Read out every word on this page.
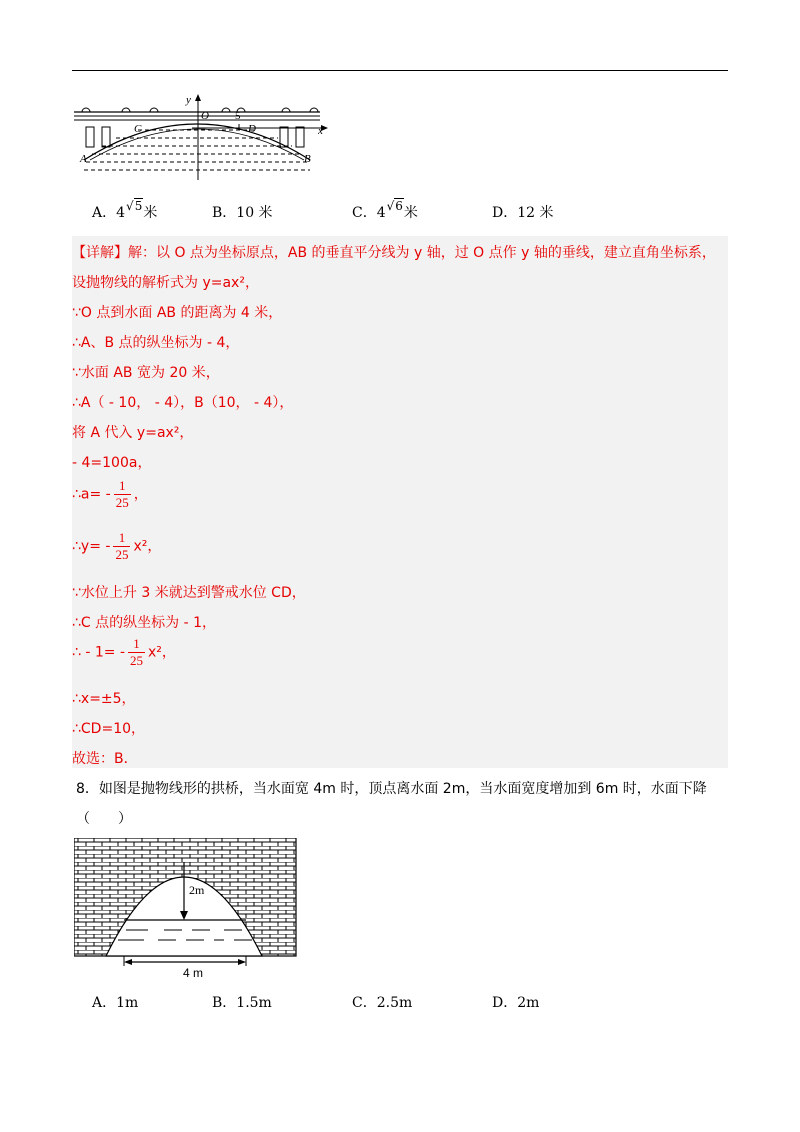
y
O 5
x
C	D
A	B
A．4√5米	B．10 米	C．4√6米	D．12 米
【详解】解：以 O 点为坐标原点，AB 的垂直平分线为 y 轴，过 O 点作 y 轴的垂线，建立直角坐标系，
设抛物线的解析式为 y=ax²，
∵O 点到水面 AB 的距离为 4 米，
∴A、B 点的纵坐标为 - 4，
∵水面 AB 宽为 20 米，
∴A（ - 10， - 4），B（10， - 4），
将 A 代入 y=ax²，
- 4=100a，
∴a= - $\frac{1}{25}$ ，
∴y= - $\frac{1}{25} x^2$，
∵水位上升 3 米就达到警戒水位 CD，
∴C 点的纵坐标为 - 1，
∴ - $1= - \frac{1}{25} x^2$，
∴x=±5，
∴CD=10，
故选：B．
8．如图是抛物线形的拱桥，当水面宽 4m 时，顶点离水面 2m，当水面宽度增加到 6m 时，水面下降
（　　）
2m
4 m
A．1m	B．1.5m	C．2.5m	D．2m
